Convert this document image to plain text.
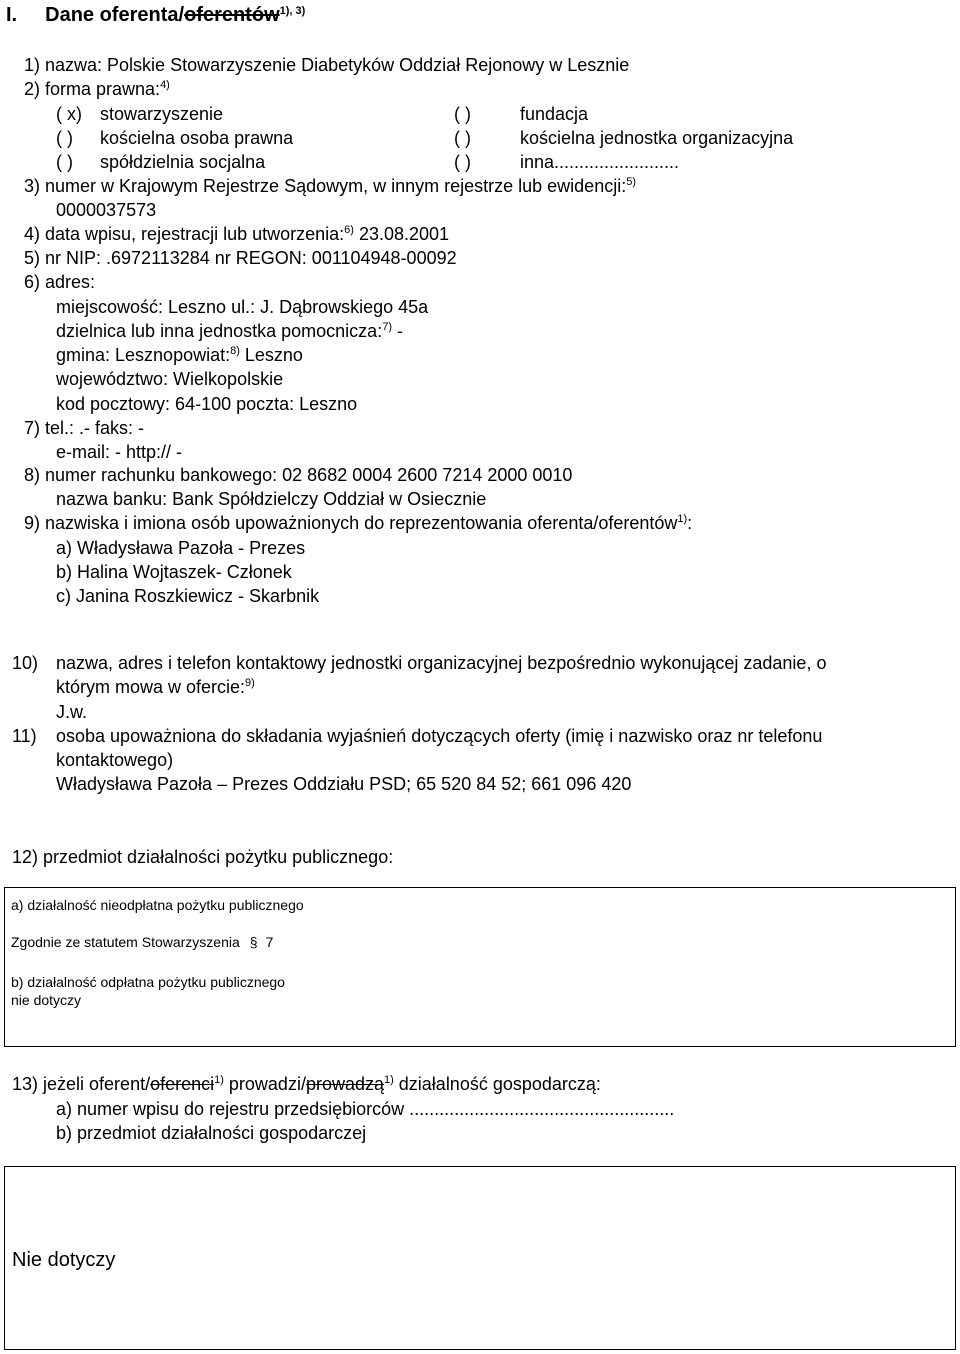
I. Dane oferenta/oferentów$^{1), 3)}$
1) nazwa: Polskie Stowarzyszenie Diabetyków Oddział Rejonowy w Lesznie
2) forma prawna:$^{4)}$
( x) stowarzyszenie	( )	fundacja
( ) kościelna osoba prawna	( )	kościelna jednostka organizacyjna
( ) spółdzielnia socjalna	( )	inna.........................
3) numer w Krajowym Rejestrze Sądowym, w innym rejestrze lub ewidencji:$^{5)}$
0000037573
4) data wpisu, rejestracji lub utworzenia:$^{6)}$ 23.08.2001
5) nr NIP: .6972113284 nr REGON: 001104948-00092
6) adres:
miejscowość: Leszno ul.: J. Dąbrowskiego 45a
dzielnica lub inna jednostka pomocnicza:$^{7)}$ -
gmina: Lesznopowiat:$^{8)}$ Leszno
województwo: Wielkopolskie
kod pocztowy: 64-100 poczta: Leszno
7) tel.: .- faks: -
e-mail: - http:// -
8) numer rachunku bankowego: 02 8682 0004 2600 7214 2000 0010
nazwa banku: Bank Spółdzielczy Oddział w Osiecznie
9) nazwiska i imiona osób upoważnionych do reprezentowania oferenta/oferentów$^{1)}$:
a) Władysława Pazoła - Prezes
b) Halina Wojtaszek- Członek
c) Janina Roszkiewicz - Skarbnik
10) nazwa, adres i telefon kontaktowy jednostki organizacyjnej bezpośrednio wykonującej zadanie, o
którym mowa w ofercie:$^{9)}$
J.w.
11) osoba upoważniona do składania wyjaśnień dotyczących oferty (imię i nazwisko oraz nr telefonu
kontaktowego)
Władysława Pazoła – Prezes Oddziału PSD; 65 520 84 52; 661 096 420
12) przedmiot działalności pożytku publicznego:
a) działalność nieodpłatna pożytku publicznego
Zgodnie ze statutem Stowarzyszenia § 7
b) działalność odpłatna pożytku publicznego
nie dotyczy
13) jeżeli oferent/oferenci$^{1)}$ prowadzi/prowadzą$^{1)}$ działalność gospodarczą:
a) numer wpisu do rejestru przedsiębiorców .....................................................
b) przedmiot działalności gospodarczej
Nie dotyczy
